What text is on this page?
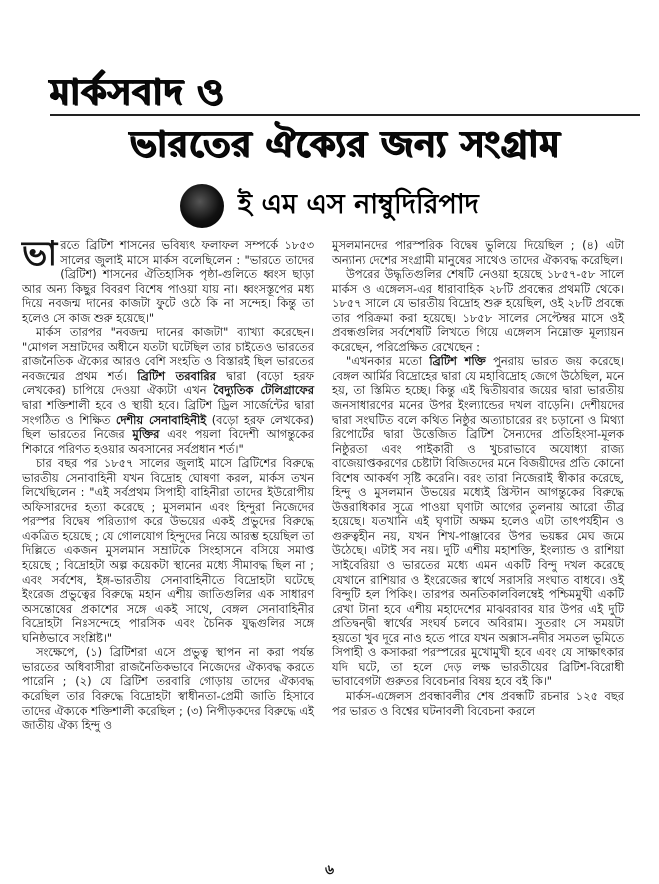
মার্কসবাদ ও
ভারতের ঐক্যের জন্য সংগ্রাম
ই এম এস নাম্বুদিরিপাদ

ভারতে ব্রিটিশ শাসনের ভবিষ্যৎ ফলাফল সম্পর্কে ১৮৫৩ সালের জুলাই মাসে মার্কস বলেছিলেন : "ভারতে তাদের (ব্রিটিশ) শাসনের ঐতিহাসিক পৃষ্ঠা-গুলিতে ধ্বংস ছাড়া আর অন্য কিছুর বিবরণ বিশেষ পাওয়া যায় না। ধ্বংসস্তূপের মধ্য দিয়ে নবজন্ম দানের কাজটা ফুটে ওঠে কি না সন্দেহ। কিন্তু তা হলেও সে কাজ শুরু হয়েছে।"

মার্কস তারপর "নবজন্ম দানের কাজটা" ব্যাখ্যা করেছেন। "মোগল সম্রাটদের অধীনে যতটা ঘটেছিল তার চাইতেও ভারতের রাজনৈতিক ঐক্যের আরও বেশি সংহতি ও বিস্তারই ছিল ভারতের নবজন্মের প্রথম শর্ত। ব্রিটিশ তরবারির দ্বারা (বড়ো হরফ লেখকের) চাপিয়ে দেওয়া ঐক্যটা এখন বৈদ্যুতিক টেলিগ্রাফের দ্বারা শক্তিশালী হবে ও স্থায়ী হবে। ব্রিটিশ ড্রিল সার্জেন্টের দ্বারা সংগঠিত ও শিক্ষিত দেশীয় সেনাবাহিনীই (বড়ো হরফ লেখকের) ছিল ভারতের নিজের মুক্তির এবং পয়লা বিদেশী আগন্তুকের শিকারে পরিণত হওয়ার অবসানের সর্বপ্রধান শর্ত।"

চার বছর পর ১৮৫৭ সালের জুলাই মাসে ব্রিটিশের বিরুদ্ধে ভারতীয় সেনাবাহিনী যখন বিদ্রোহ ঘোষণা করল, মার্কস তখন লিখেছিলেন : "এই সর্বপ্রথম সিপাহী বাহিনীরা তাদের ইউরোপীয় অফিসারদের হত্যা করেছে ; মুসলমান এবং হিন্দুরা নিজেদের পরস্পর বিদ্বেষ পরিত্যাগ করে উভয়ের একই প্রভুদের বিরুদ্ধে একত্রিত হয়েছে ; যে গোলযোগ হিন্দুদের নিয়ে আরম্ভ হয়েছিল তা দিল্লিতে একজন মুসলমান সম্রাটকে সিংহাসনে বসিয়ে সমাপ্ত হয়েছে ; বিদ্রোহটা অল্প কয়েকটা স্থানের মধ্যে সীমাবদ্ধ ছিল না ; এবং সর্বশেষ, ইঙ্গ-ভারতীয় সেনাবাহিনীতে বিদ্রোহটা ঘটেছে ইংরেজ প্রভুত্বের বিরুদ্ধে মহান এশীয় জাতিগুলির এক সাধারণ অসন্তোষের প্রকাশের সঙ্গে একই সাথে, বেঙ্গল সেনাবাহিনীর বিদ্রোহটা নিঃসন্দেহে পারসিক এবং চৈনিক যুদ্ধগুলির সঙ্গে ঘনিষ্ঠভাবে সংশ্লিষ্ট।"

সংক্ষেপে, (১) ব্রিটিশরা এসে প্রভুত্ব স্থাপন না করা পর্যন্ত ভারতের অধিবাসীরা রাজনৈতিকভাবে নিজেদের ঐক্যবদ্ধ করতে পারেনি ; (২) যে ব্রিটিশ তরবারি গোড়ায় তাদের ঐক্যবদ্ধ করেছিল তার বিরুদ্ধে বিদ্রোহটা স্বাধীনতা-প্রেমী জাতি হিসাবে তাদের ঐক্যকে শক্তিশালী করেছিল ; (৩) নিপীড়কদের বিরুদ্ধে এই জাতীয় ঐক্য হিন্দু ও

মুসলমানদের পারস্পরিক বিদ্বেষ ভুলিয়ে দিয়েছিল ; (৪) এটা অন্যান্য দেশের সংগ্রামী মানুষের সাথেও তাদের ঐক্যবদ্ধ করেছিল।

উপরের উদ্ধৃতিগুলির শেষটি নেওয়া হয়েছে ১৮৫৭-৫৮ সালে মার্কস ও এঙ্গেলস-এর ধারাবাহিক ২৮টি প্রবন্ধের প্রথমটি থেকে। ১৮৫৭ সালে যে ভারতীয় বিদ্রোহ শুরু হয়েছিল, ওই ২৮টি প্রবন্ধে তার পরিক্রমা করা হয়েছে। ১৮৫৮ সালের সেপ্টেম্বর মাসে ওই প্রবন্ধগুলির সর্বশেষটি লিখতে গিয়ে এঙ্গেলস নিম্নোক্ত মূল্যায়ন করেছেন, পরিপ্রেক্ষিত রেখেছেন :

"এখনকার মতো ব্রিটিশ শক্তি পুনরায় ভারত জয় করেছে। বেঙ্গল আর্মির বিদ্রোহের দ্বারা যে মহাবিদ্রোহ জেগে উঠেছিল, মনে হয়, তা স্তিমিত হচ্ছে। কিন্তু এই দ্বিতীয়বার জয়ের দ্বারা ভারতীয় জনসাধারণের মনের উপর ইংল্যান্ডের দখল বাড়েনি। দেশীয়দের দ্বারা সংঘটিত বলে কথিত নিষ্ঠুর অত্যাচারের রং চড়ানো ও মিথ্যা রিপোর্টের দ্বারা উত্তেজিত ব্রিটিশ সৈন্যদের প্রতিহিংসা-মূলক নিষ্ঠুরতা এবং পাইকারী ও খুচরাভাবে অযোধ্যা রাজ্য বাজেয়াপ্তকরণের চেষ্টাটা বিজিতদের মনে বিজয়ীদের প্রতি কোনো বিশেষ আকর্ষণ সৃষ্টি করেনি। বরং তারা নিজেরাই স্বীকার করেছে, হিন্দু ও মুসলমান উভয়ের মধ্যেই খ্রিস্টান আগন্তুকের বিরুদ্ধে উত্তরাধিকার সূত্রে পাওয়া ঘৃণাটা আগের তুলনায় আরো তীব্র হয়েছে। যতখানি এই ঘৃণাটা অক্ষম হলেও এটা তাৎপর্যহীন ও গুরুত্বহীন নয়, যখন শিখ-পাঞ্জাবের উপর ভয়ঙ্কর মেঘ জমে উঠেছে। এটাই সব নয়। দুটি এশীয় মহাশক্তি, ইংল্যান্ড ও রাশিয়া সাইবেরিয়া ও ভারতের মধ্যে এমন একটি বিন্দু দখল করেছে যেখানে রাশিয়ার ও ইংরেজের স্বার্থে সরাসরি সংঘাত বাধবে। ওই বিন্দুটি হল পিকিং। তারপর অনতিকালবিলম্বেই পশ্চিমমুখী একটি রেখা টানা হবে এশীয় মহাদেশের মাঝবরাবর যার উপর এই দুটি প্রতিদ্বন্দ্বী স্বার্থের সংঘর্ষ চলবে অবিরাম। সুতরাং সে সময়টা হয়তো খুব দূরে নাও হতে পারে যখন অক্সাস-নদীর সমতল ভূমিতে সিপাহী ও কসাকরা পরস্পরের মুখোমুখী হবে এবং যে সাক্ষাৎকার যদি ঘটে, তা হলে দেড় লক্ষ ভারতীয়ের ব্রিটিশ-বিরোধী ভাবাবেগটা গুরুতর বিবেচনার বিষয় হবে বই কি।"

মার্কস-এঙ্গেলস প্রবন্ধাবলীর শেষ প্রবন্ধটি রচনার ১২৫ বছর পর ভারত ও বিশ্বের ঘটনাবলী বিবেচনা করলে

৬
